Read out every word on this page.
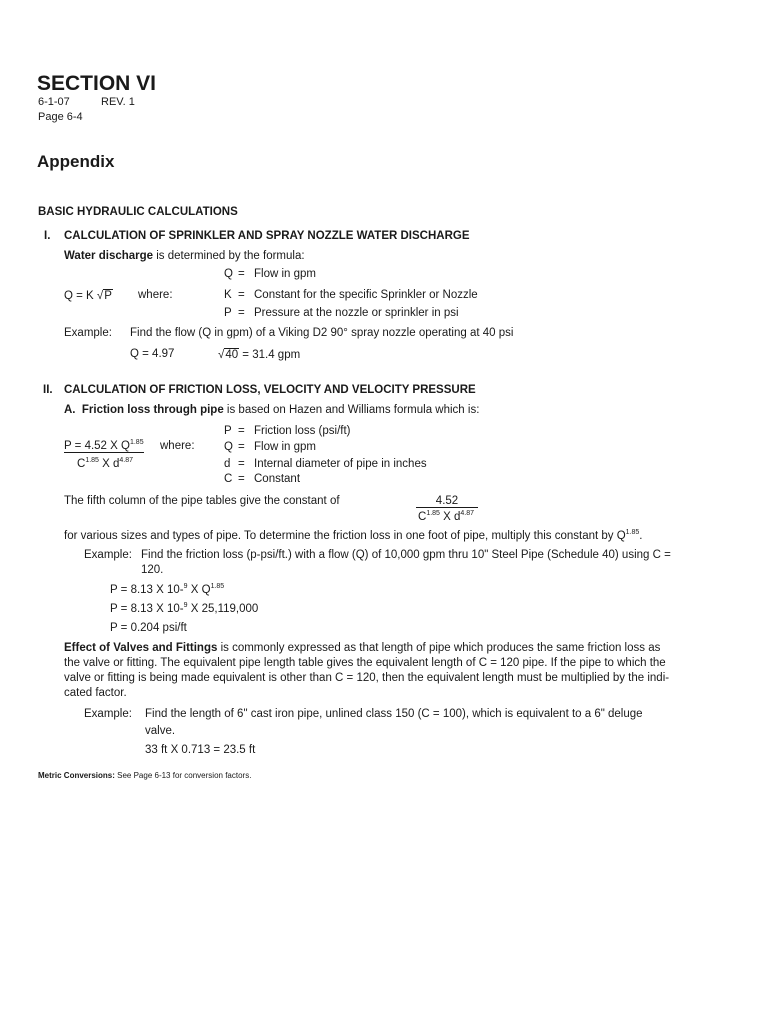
SECTION VI
6-1-07	REV. 1
Page 6-4
Appendix
BASIC HYDRAULIC CALCULATIONS
I. CALCULATION OF SPRINKLER AND SPRAY NOZZLE WATER DISCHARGE
Water discharge is determined by the formula:
Q = K √P where:
Q = Flow in gpm
K = Constant for the specific Sprinkler or Nozzle
P = Pressure at the nozzle or sprinkler in psi
Example: Find the flow (Q in gpm) of a Viking D2 90° spray nozzle operating at 40 psi
Q = 4.97	√40 = 31.4 gpm
II. CALCULATION OF FRICTION LOSS, VELOCITY AND VELOCITY PRESSURE
A. Friction loss through pipe is based on Hazen and Williams formula which is:
P = 4.52 X $Q^{1.85}$ where:
$C^{1.85}$ X $d^{4.87}$
P = Friction loss (psi/ft)
Q = Flow in gpm
d = Internal diameter of pipe in inches
C = Constant
The fifth column of the pipe tables give the constant of	4.52
$C^{1.85}$ X $d^{4.87}$
for various sizes and types of pipe. To determine the friction loss in one foot of pipe, multiply this constant by $Q^{1.85}$.
Example: Find the friction loss (p-psi/ft.) with a flow (Q) of 10,000 gpm thru 10" Steel Pipe (Schedule 40) using C =
120.
P = 8.13 X 10-$^9$ X $Q^{1.85}$
P = 8.13 X 10-$^9$ X 25,119,000
P = 0.204 psi/ft
Effect of Valves and Fittings is commonly expressed as that length of pipe which produces the same friction loss as
the valve or fitting. The equivalent pipe length table gives the equivalent length of C = 120 pipe. If the pipe to which the
valve or fitting is being made equivalent is other than C = 120, then the equivalent length must be multiplied by the indi-
cated factor.
Example: Find the length of 6" cast iron pipe, unlined class 150 (C = 100), which is equivalent to a 6" deluge
valve.
33 ft X 0.713 = 23.5 ft
Metric Conversions: See Page 6-13 for conversion factors.
